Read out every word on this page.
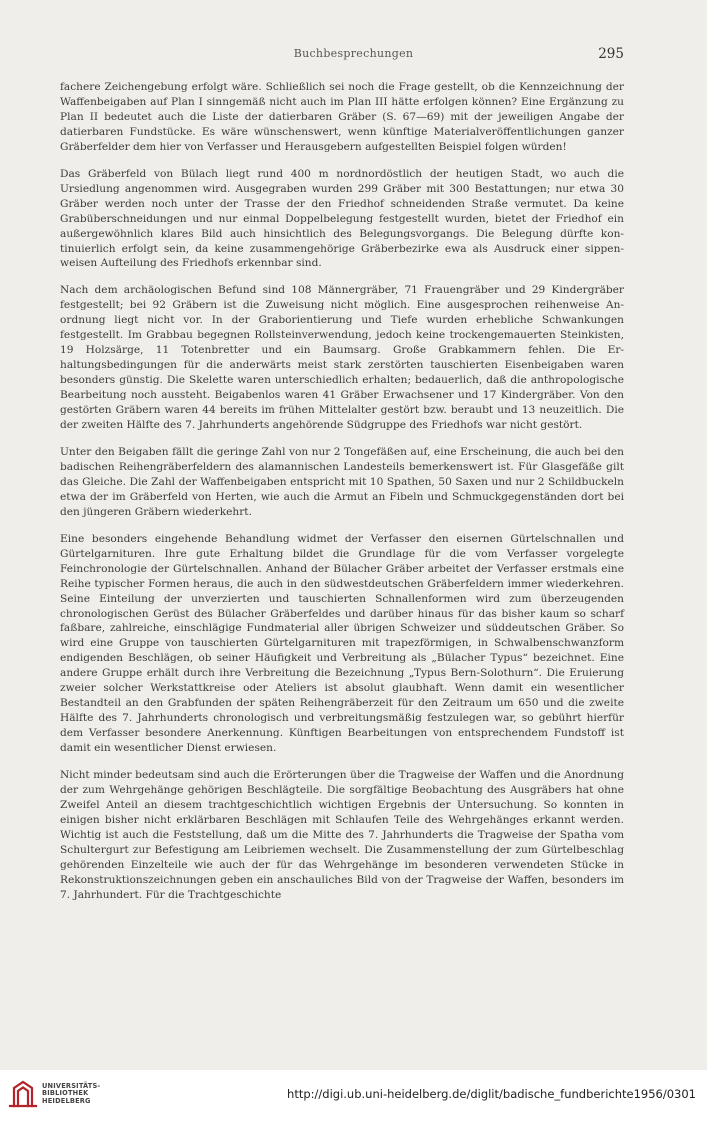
Buchbesprechungen	295

fachere Zeichengebung erfolgt wäre. Schließlich sei noch die Frage gestellt, ob die Kennzeichnung der Waffenbeigaben auf Plan I sinngemäß nicht auch im Plan III hätte erfolgen können? Eine Ergänzung zu Plan II bedeutet auch die Liste der datierbaren Gräber (S. 67—69) mit der jeweiligen Angabe der datierbaren Fundstücke. Es wäre wünschenswert, wenn künftige Materialveröffentlichungen ganzer Gräberfelder dem hier von Verfasser und Herausgebern aufgestellten Beispiel folgen würden!

Das Gräberfeld von Bülach liegt rund 400 m nordnordöstlich der heutigen Stadt, wo auch die Ursiedlung angenommen wird. Ausgegraben wurden 299 Gräber mit 300 Bestattungen; nur etwa 30 Gräber werden noch unter der Trasse der den Friedhof schneidenden Straße vermutet. Da keine Grabüberschneidungen und nur einmal Doppelbelegung festgestellt wurden, bietet der Friedhof ein außergewöhnlich klares Bild auch hinsichtlich des Belegungsvorgangs. Die Belegung dürfte kontinuierlich erfolgt sein, da keine zusammengehörige Gräberbezirke ewa als Ausdruck einer sippenweisen Aufteilung des Friedhofs erkennbar sind.

Nach dem archäologischen Befund sind 108 Männergräber, 71 Frauengräber und 29 Kindergräber festgestellt; bei 92 Gräbern ist die Zuweisung nicht möglich. Eine ausgesprochen reihenweise Anordnung liegt nicht vor. In der Graborientierung und Tiefe wurden erhebliche Schwankungen festgestellt. Im Grabbau begegnen Rollsteinverwendung, jedoch keine trockengemauerten Steinkisten, 19 Holzsärge, 11 Totenbretter und ein Baumsarg. Große Grabkammern fehlen. Die Erhaltungsbedingungen für die anderwärts meist stark zerstörten tauschierten Eisenbeigaben waren besonders günstig. Die Skelette waren unterschiedlich erhalten; bedauerlich, daß die anthropologische Bearbeitung noch aussteht. Beigabenlos waren 41 Gräber Erwachsener und 17 Kindergräber. Von den gestörten Gräbern waren 44 bereits im frühen Mittelalter gestört bzw. beraubt und 13 neuzeitlich. Die der zweiten Hälfte des 7. Jahrhunderts angehörende Südgruppe des Friedhofs war nicht gestört.

Unter den Beigaben fällt die geringe Zahl von nur 2 Tongefäßen auf, eine Erscheinung, die auch bei den badischen Reihengräberfeldern des alamannischen Landesteils bemerkenswert ist. Für Glasgefäße gilt das Gleiche. Die Zahl der Waffenbeigaben entspricht mit 10 Spathen, 50 Saxen und nur 2 Schildbuckeln etwa der im Gräberfeld von Herten, wie auch die Armut an Fibeln und Schmuckgegenständen dort bei den jüngeren Gräbern wiederkehrt.

Eine besonders eingehende Behandlung widmet der Verfasser den eisernen Gürtelschnallen und Gürtelgarnituren. Ihre gute Erhaltung bildet die Grundlage für die vom Verfasser vorgelegte Feinchronologie der Gürtelschnallen. Anhand der Bülacher Gräber arbeitet der Verfasser erstmals eine Reihe typischer Formen heraus, die auch in den südwestdeutschen Gräberfeldern immer wiederkehren. Seine Einteilung der unverzierten und tauschierten Schnallenformen wird zum überzeugenden chronologischen Gerüst des Bülacher Gräberfeldes und darüber hinaus für das bisher kaum so scharf faßbare, zahlreiche, einschlägige Fundmaterial aller übrigen Schweizer und süddeutschen Gräber. So wird eine Gruppe von tauschierten Gürtelgarnituren mit trapezförmigen, in Schwalbenschwanzform endigenden Beschlägen, ob seiner Häufigkeit und Verbreitung als „Bülacher Typus“ bezeichnet. Eine andere Gruppe erhält durch ihre Verbreitung die Bezeichnung „Typus Bern-Solothurn“. Die Eruierung zweier solcher Werkstattkreise oder Ateliers ist absolut glaubhaft. Wenn damit ein wesentlicher Bestandteil an den Grabfunden der späten Reihengräberzeit für den Zeitraum um 650 und die zweite Hälfte des 7. Jahrhunderts chronologisch und verbreitungsmäßig festzulegen war, so gebührt hierfür dem Verfasser besondere Anerkennung. Künftigen Bearbeitungen von entsprechendem Fundstoff ist damit ein wesentlicher Dienst erwiesen.

Nicht minder bedeutsam sind auch die Erörterungen über die Tragweise der Waffen und die Anordnung der zum Wehrgehänge gehörigen Beschlägteile. Die sorgfältige Beobachtung des Ausgräbers hat ohne Zweifel Anteil an diesem trachtgeschichtlich wichtigen Ergebnis der Untersuchung. So konnten in einigen bisher nicht erklärbaren Beschlägen mit Schlaufen Teile des Wehrgehänges erkannt werden. Wichtig ist auch die Feststellung, daß um die Mitte des 7. Jahrhunderts die Tragweise der Spatha vom Schultergurt zur Befestigung am Leibriemen wechselt. Die Zusammenstellung der zum Gürtelbeschlag gehörenden Einzelteile wie auch der für das Wehrgehänge im besonderen verwendeten Stücke in Rekonstruktionszeichnungen geben ein anschauliches Bild von der Tragweise der Waffen, besonders im 7. Jahrhundert. Für die Trachtgeschichte

UNIVERSITÄTS-
BIBLIOTHEK
HEIDELBERG	http://digi.ub.uni-heidelberg.de/diglit/badische_fundberichte1956/0301
